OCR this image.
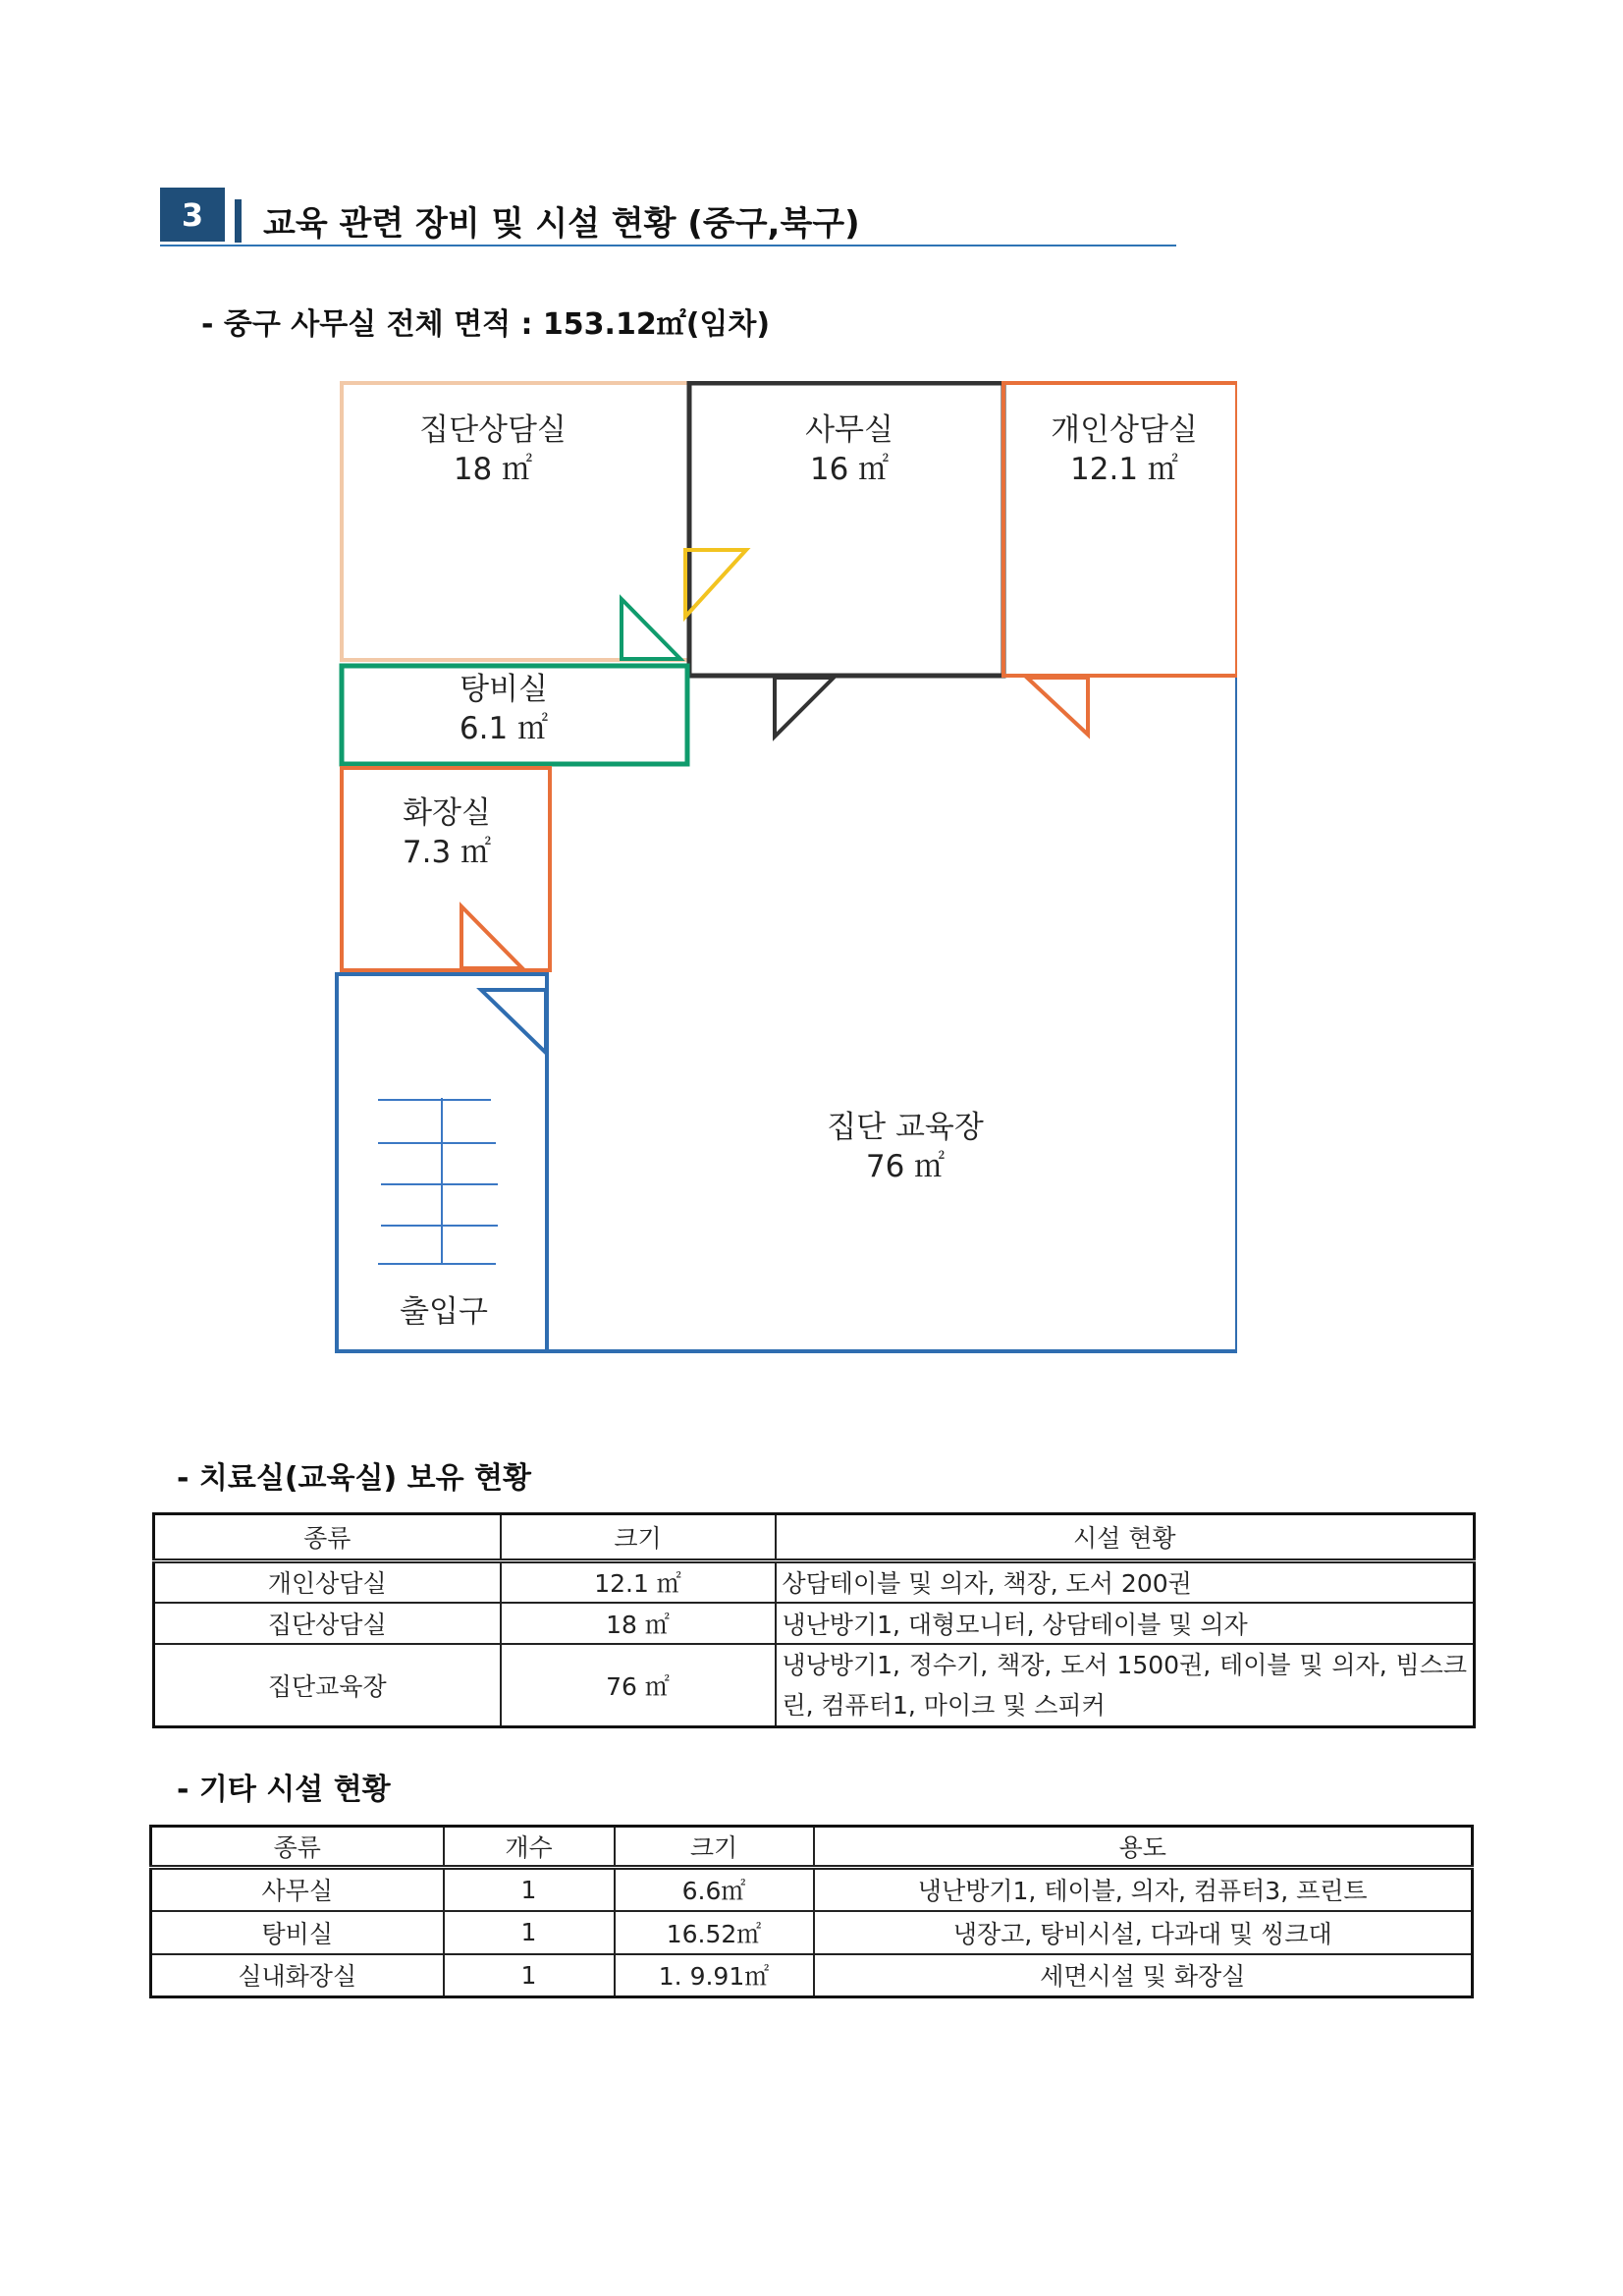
3	교육 관련 장비 및 시설 현황 (중구,북구)
- 중구 사무실 전체 면적 : 153.12㎡(임차)
집단상담실
18 ㎡
사무실
16 ㎡
개인상담실
12.1 ㎡
탕비실
6.1 ㎡
화장실
7.3 ㎡
집단 교육장
76 ㎡
출입구
- 치료실(교육실) 보유 현황
종류	크기	시설 현황
개인상담실	12.1 ㎡	상담테이블 및 의자, 책장, 도서 200권
집단상담실	18 ㎡	냉난방기1, 대형모니터, 상담테이블 및 의자
집단교육장	76 ㎡	냉낭방기1, 정수기, 책장, 도서 1500권, 테이블 및 의자, 빔스크린, 컴퓨터1, 마이크 및 스피커
- 기타 시설 현황
종류	개수	크기	용도
사무실	1	6.6㎡	냉난방기1, 테이블, 의자, 컴퓨터3, 프린트
탕비실	1	16.52㎡	냉장고, 탕비시설, 다과대 및 씽크대
실내화장실	1	1. 9.91㎡	세면시설 및 화장실
